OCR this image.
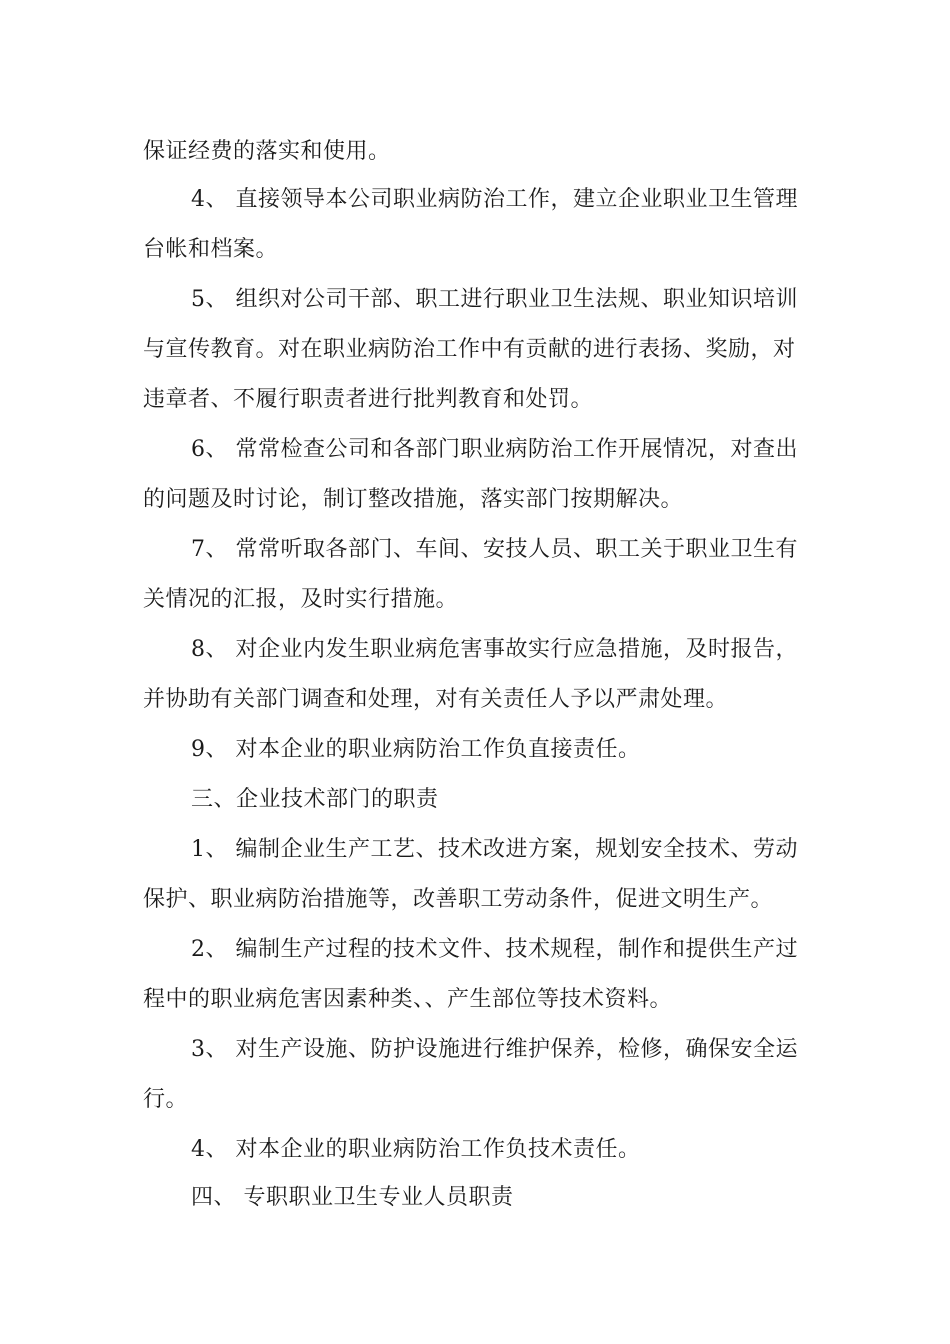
保证经费的落实和使用。
4、 直接领导本公司职业病防治工作，建立企业职业卫生管理
台帐和档案。
5、 组织对公司干部、职工进行职业卫生法规、职业知识培训
与宣传教育。对在职业病防治工作中有贡献的进行表扬、奖励，对
违章者、不履行职责者进行批判教育和处罚。
6、 常常检查公司和各部门职业病防治工作开展情况，对查出
的问题及时讨论，制订整改措施，落实部门按期解决。
7、 常常听取各部门、车间、安技人员、职工关于职业卫生有
关情况的汇报，及时实行措施。
8、 对企业内发生职业病危害事故实行应急措施，及时报告，
并协助有关部门调查和处理，对有关责任人予以严肃处理。
9、 对本企业的职业病防治工作负直接责任。
三、企业技术部门的职责
1、 编制企业生产工艺、技术改进方案，规划安全技术、劳动
保护、职业病防治措施等，改善职工劳动条件，促进文明生产。
2、 编制生产过程的技术文件、技术规程，制作和提供生产过
程中的职业病危害因素种类、、产生部位等技术资料。
3、 对生产设施、防护设施进行维护保养，检修，确保安全运
行。
4、 对本企业的职业病防治工作负技术责任。
四、 专职职业卫生专业人员职责
